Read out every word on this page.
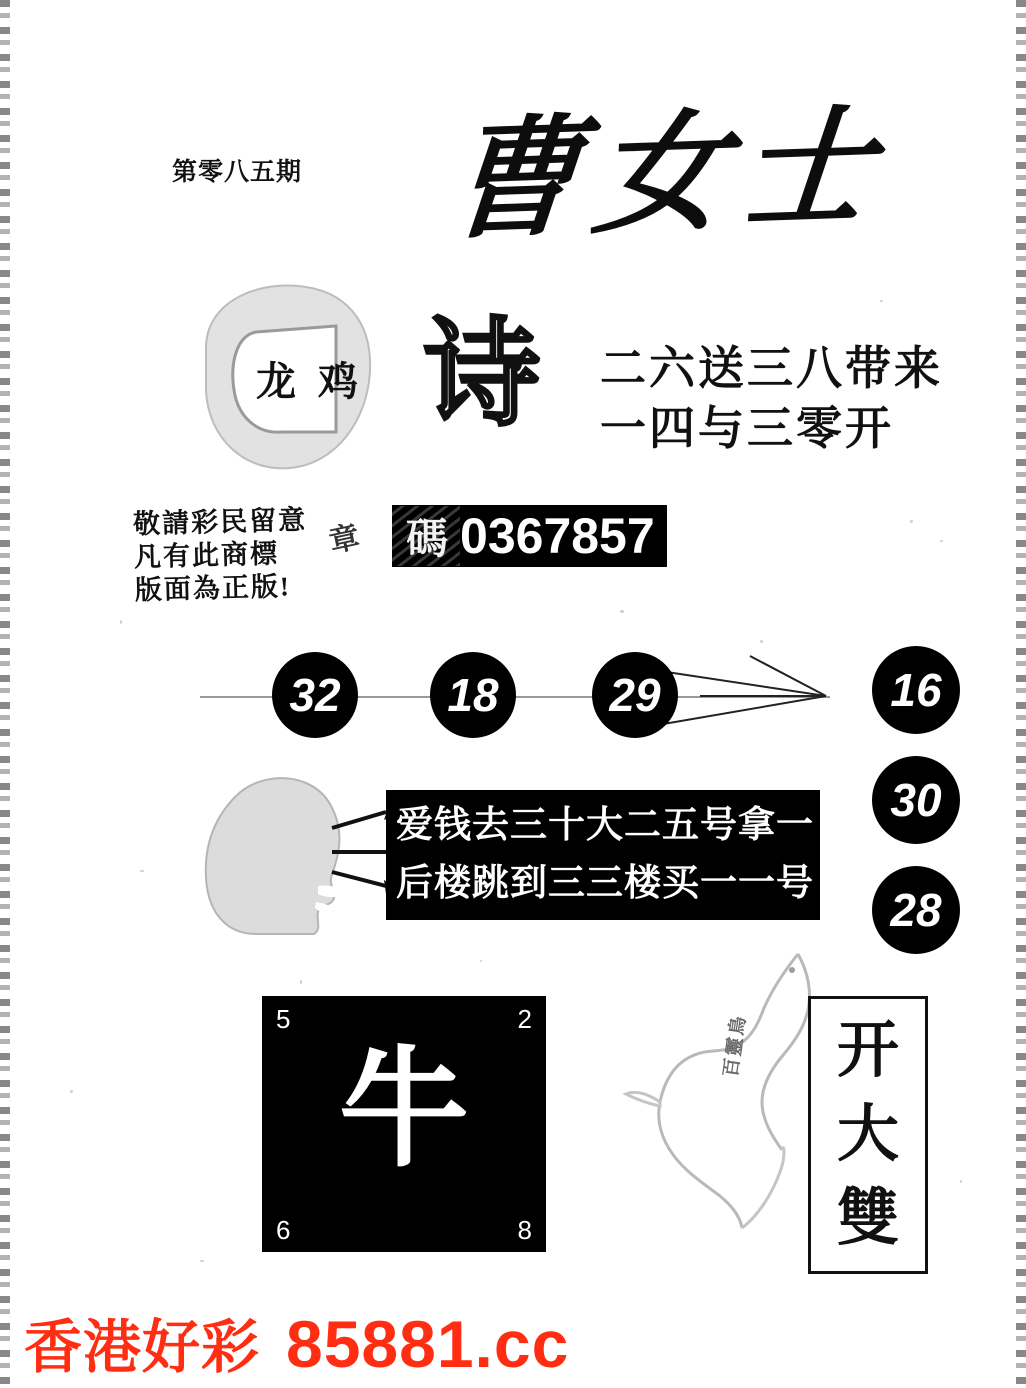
第零八五期 曹女士
龙 鸡 诗 二六送三八带来
一四与三零开
敬請彩民留意
凡有此商標
版面為正版!
章	碼 0367857
32	18	29	16
30
28
爱钱去三十大二五号拿一
后楼跳到三三楼买一一号
5	2
6	8
牛	百靈鳥	开
大
雙
香港好彩 85881.cc
